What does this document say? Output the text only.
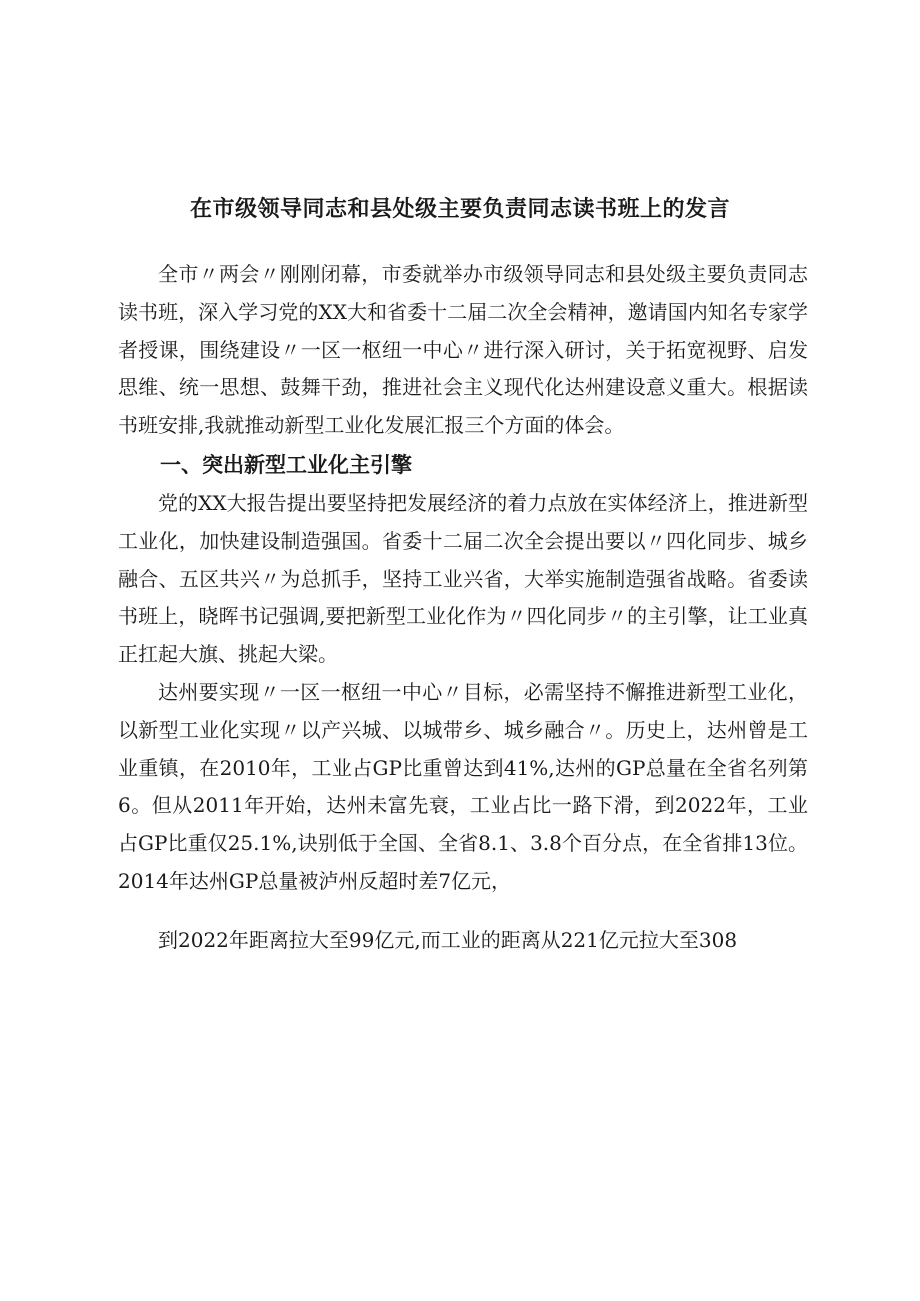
在市级领导同志和县处级主要负责同志读书班上的发言

全市〃两会〃刚刚闭幕，市委就举办市级领导同志和县处级主要负责同志读书班，深入学习党的XX大和省委十二届二次全会精神，邀请国内知名专家学者授课，围绕建设〃一区一枢纽一中心〃进行深入研讨，关于拓宽视野、启发思维、统一思想、鼓舞干劲，推进社会主义现代化达州建设意义重大。根据读书班安排,我就推动新型工业化发展汇报三个方面的体会。

一、突出新型工业化主引擎

党的XX大报告提出要坚持把发展经济的着力点放在实体经济上，推进新型工业化，加快建设制造强国。省委十二届二次全会提出要以〃四化同步、城乡融合、五区共兴〃为总抓手，坚持工业兴省，大举实施制造强省战略。省委读书班上，晓晖书记强调,要把新型工业化作为〃四化同步〃的主引擎，让工业真正扛起大旗、挑起大梁。

达州要实现〃一区一枢纽一中心〃目标，必需坚持不懈推进新型工业化，以新型工业化实现〃以产兴城、以城带乡、城乡融合〃。历史上，达州曾是工业重镇，在2010年，工业占GP比重曾达到41%,达州的GP总量在全省名列第6。但从2011年开始，达州未富先衰，工业占比一路下滑，到2022年，工业占GP比重仅25.1%,诀别低于全国、全省8.1、3.8个百分点，在全省排13位。2014年达州GP总量被泸州反超时差7亿元，

到2022年距离拉大至99亿元,而工业的距离从221亿元拉大至308
